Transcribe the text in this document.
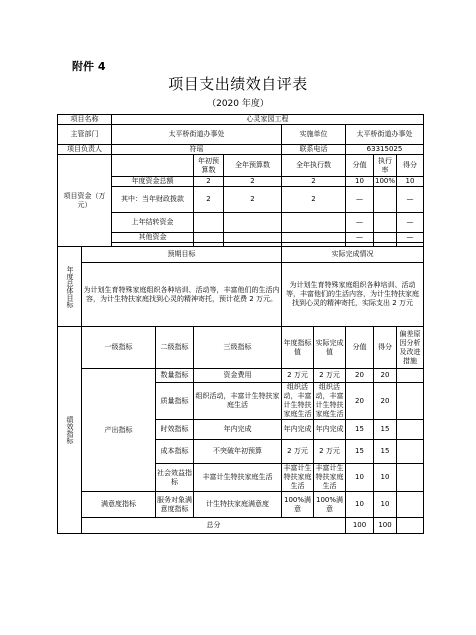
附件 4
项目支出绩效自评表
（2020 年度）
项目名称		心灵家园工程								
主管部门		太平桥街道办事处				实施单位		太平桥街道办事处		
项目负责人		符瑶				联系电话		63315025		
项目资金（万元）				年初预算数	全年预算数	全年执行数		分值	执行率	得分
		年度资金总额		2	2	2		10	100%	10
		其中：当年财政拨款		2	2	2		—		—
		上年结转资金						—		—
		其他资金						—		—

年度总体目标	预期目标					实际完成情况				
	为计划生育特殊家庭组织各种培训、活动等，丰富他们的生活内容，为计生特扶家庭找到心灵的精神寄托，预计花费 2 万元。					为计划生育特殊家庭组织各种培训、活动等，丰富他们的生活内容，为计生特扶家庭找到心灵的精神寄托，实际支出 2 万元				

绩效指标	一级指标		二级指标	三级指标		年度指标值	实际完成值	分值	得分	偏差原因分析及改进措施
	产出指标		数量指标	资金费用		2 万元	2 万元	20	20	
			质量指标	组织活动，丰富计生特扶家庭生活		组织活动，丰富计生特扶家庭生活	组织活动，丰富计生特扶家庭生活	20	20	
			时效指标	年内完成		年内完成	年内完成	15	15	
			成本指标	不突破年初预算		2 万元	2 万元	15	15	
			社会效益指标	丰富计生特扶家庭生活		丰富计生特扶家庭生活	丰富计生特扶家庭生活	10	10	
	满意度指标		服务对象满意度指标	计生特扶家庭满意度		100%满意	100%满意	10	10	
	总分							100	100	
